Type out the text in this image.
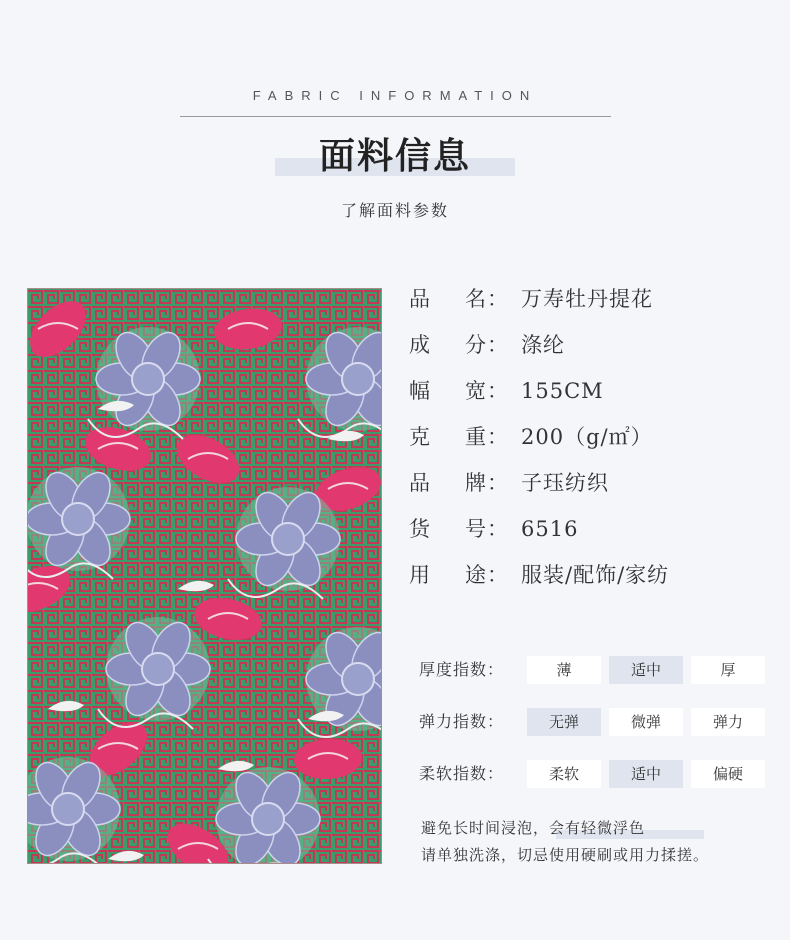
FABRIC INFORMATION
面料信息
了解面料参数
品 名： 万寿牡丹提花
成 分： 涤纶
幅 宽： 155CM
克 重： 200（g/㎡）
品 牌： 子珏纺织
货 号： 6516
用 途： 服装/配饰/家纺
厚度指数：	薄	适中	厚
弹力指数：	无弹	微弹	弹力
柔软指数：	柔软	适中	偏硬
避免长时间浸泡，会有轻微浮色
请单独洗涤，切忌使用硬刷或用力揉搓。
